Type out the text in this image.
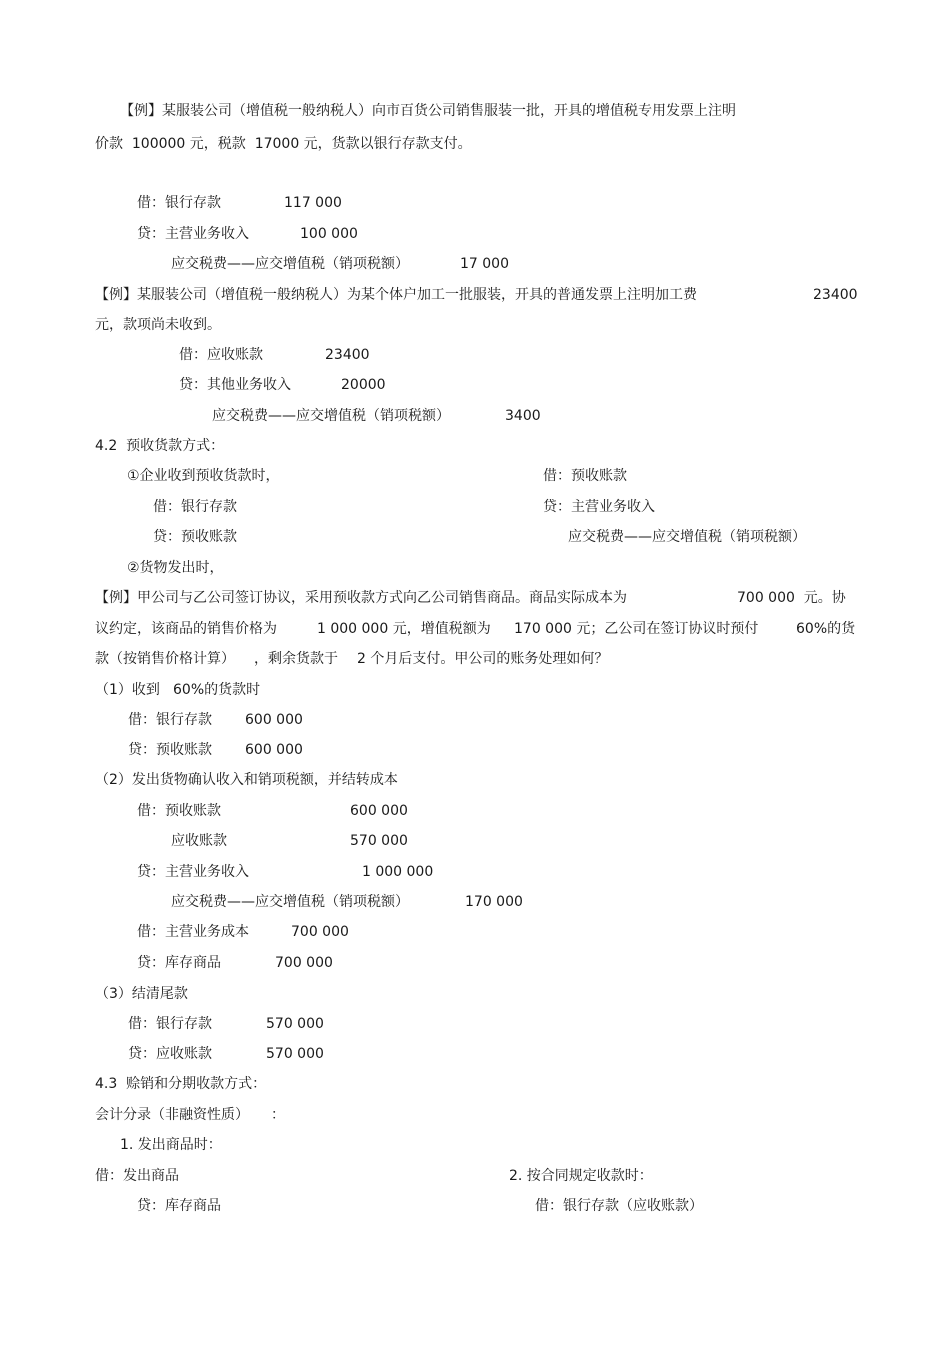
【例】某服装公司（增值税一般纳税人）向市百货公司销售服装一批，开具的增值税专用发票上注明
价款  100000 元，税款  17000 元，货款以银行存款支付。
借：银行存款	117 000
贷：主营业务收入	100 000
应交税费——应交增值税（销项税额）	17 000
【例】某服装公司（增值税一般纳税人）为某个体户加工一批服装，开具的普通发票上注明加工费	23400
元，款项尚未收到。
借：应收账款	23400
贷：其他业务收入	20000
应交税费——应交增值税（销项税额）	3400
4.2  预收货款方式：
①企业收到预收货款时，
借：银行存款
贷：预收账款
②货物发出时，
借：预收账款
贷：主营业务收入
应交税费——应交增值税（销项税额）
【例】甲公司与乙公司签订协议，采用预收款方式向乙公司销售商品。商品实际成本为	700 000  元。协
议约定，该商品的销售价格为	1 000 000 元，增值税额为 170 000 元；乙公司在签订协议时预付	60%的货
款（按销售价格计算） ，剩余货款于 2 个月后支付。甲公司的账务处理如何？
（1）收到 60%的货款时
借：银行存款 600 000
贷：预收账款 600 000
（2）发出货物确认收入和销项税额，并结转成本
借：预收账款	600 000
应收账款	570 000
贷：主营业务收入	1 000 000
应交税费——应交增值税（销项税额）	170 000
借：主营业务成本	700 000
贷：库存商品	700 000
（3）结清尾款
借：银行存款	570 000
贷：应收账款	570 000
4.3  赊销和分期收款方式：
会计分录（非融资性质） ：
1. 发出商品时：
借：发出商品
贷：库存商品
2. 按合同规定收款时：
借：银行存款（应收账款）
